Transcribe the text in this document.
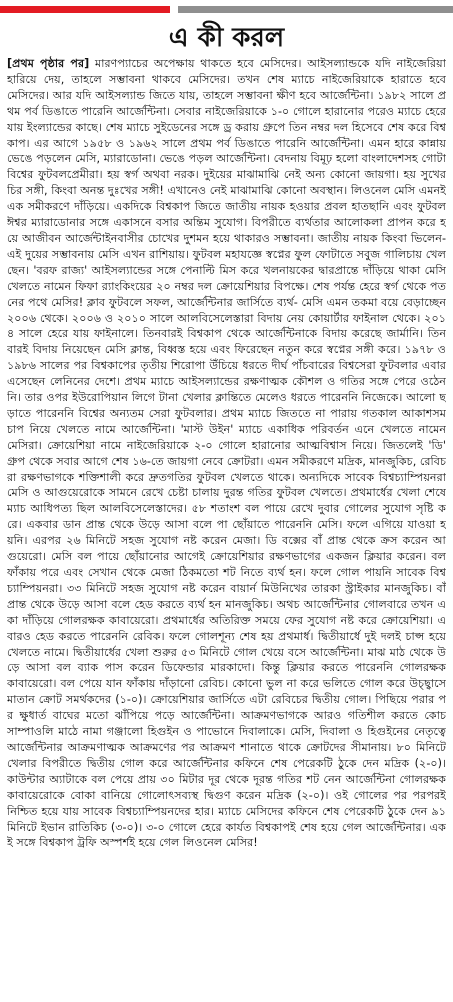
এ কী করল
[প্রথম পৃষ্ঠার পর] মারণপ্যাচের অপেক্ষায় থাকতে হবে মেসিদের। আইসল্যান্ডকে যদি নাইজেরিয়া হারিয়ে দেয়, তাহলে সম্ভাবনা থাকবে মেসিদের। তখন শেষ ম্যাচে নাইজেরিয়াকে হারাতে হবে মেসিদের। আর যদি আইসল্যান্ড জিতে যায়, তাহলে সম্ভাবনা ক্ষীণ হবে আর্জেন্টিনা। ১৯৮২ সালে প্রথম পর্ব ডিঙাতে পারেনি আর্জেন্টিনা। সেবার নাইজেরিয়াকে ১-০ গোলে হারানোর পরেও ম্যাচে হেরে যায় ইংল্যান্ডের কাছে। শেষ ম্যাচে সুইডেনের সঙ্গে ড্র করায় গ্রুপে তিন নম্বর দল হিসেবে শেষ করে বিশ্বকাপ। এর আগে ১৯৫৮ ও ১৯৬২ সালে প্রথম পর্ব ডিঙাতে পারেনি আর্জেন্টিনা। এমন হারে কান্নায় ভেঙে পড়লেন মেসি, ম্যারাডোনা। ভেঙে পড়ল আর্জেন্টিনা। বেদনায় বিমূঢ় হলো বাংলাদেশসহ গোটা বিশ্বের ফুটবলপ্রেমীরা। হয় স্বর্গ অথবা নরক। দুইয়ের মাঝামাঝি নেই অন্য কোনো জায়গা। হয় সুখের চির সঙ্গী, কিংবা অনন্ত দুঃখের সঙ্গী! এখানেও নেই মাঝামাঝি কোনো অবস্থান। লিওনেল মেসি এমনই এক সমীকরণে দাঁড়িয়ে। একদিকে বিশ্বকাপ জিতে জাতীয় নায়ক হওয়ার প্রবল হাতছানি এবং ফুটবল ঈশ্বর ম্যারাডোনার সঙ্গে একাসনে বসার অন্তিম সুযোগ। বিপরীতে ব্যর্থতার আলোকলা প্রাপন করে হয়ে আজীবন আর্জেন্টাইনবাসীর চোখের দুশমন হয়ে থাকারও সম্ভাবনা। জাতীয় নায়ক কিংবা ভিলেন-এই দুয়ের সম্ভাবনায় মেসি এখন রাশিয়ায়। ফুটবল মহাযজ্ঞে স্বপ্নের ফুল ফোটাতে সবুজ গালিচায় খেলছেন। 'বরফ রাজ্য' আইসল্যান্ডের সঙ্গে পেনাল্টি মিস করে খলনায়কের দ্বারপ্রান্তে দাঁড়িয়ে থাকা মেসি খেলতে নামেন ফিফা র‍্যাংকিংয়ের ২০ নম্বর দল ক্রোয়েশিয়ার বিপক্ষে। শেষ পর্যন্ত হেরে স্বর্গ থেকে পতনের পথে মেসির! ক্লাব ফুটবলে সফল, আর্জেন্টিনার জার্সিতে ব্যর্থ- মেসি এমন তকমা বয়ে বেড়াচ্ছেন ২০০৬ থেকে। ২০০৬ ও ২০১০ সালে আলবিসেলেস্তারা বিদায় নেয় কোয়ার্টার ফাইনাল থেকে। ২০১৪ সালে হেরে যায় ফাইনালে। তিনবারই বিশ্বকাপ থেকে আর্জেন্টিনাকে বিদায় করেছে জার্মানি। তিনবারই বিদায় নিয়েছেন মেসি ক্লান্ত, বিধ্বস্ত হয়ে এবং ফিরেছেন নতুন করে স্বপ্নের সঙ্গী করে। ১৯৭৮ ও ১৯৮৬ সালের পর বিশ্বকাপের তৃতীয় শিরোপা উঁচিয়ে ধরতে দীর্ঘ পাঁচবারের বিশ্বসেরা ফুটবলার এবার এসেছেন লেনিনের দেশে। প্রথম ম্যাচে আইসল্যান্ডের রক্ষণাত্মক কৌশল ও গতির সঙ্গে পেরে ওঠেননি। তার ওপর ইউরোপিয়ান লিগে টানা খেলার ক্লান্তিতে মেলেও ধরতে পারেননি নিজেকে। আলো ছড়াতে পারেননি বিশ্বের অন্যতম সেরা ফুটবলার। প্রথম ম্যাচে জিততে না পারায় গতকাল আকাশসম চাপ নিয়ে খেলতে নামে আর্জেন্টিনা। 'মাস্ট উইন' ম্যাচে একাধিক পরিবর্তন এনে খেলতে নামেন মেসিরা। ক্রোয়েশিয়া নামে নাইজেরিয়াকে ২-০ গোলে হারানোর আত্মবিশ্বাস নিয়ে। জিতলেই 'ডি' গ্রুপ থেকে সবার আগে শেষ ১৬-তে জায়গা নেবে ক্রোটরা। এমন সমীকরণে মদ্রিক, মানজুকিচ, রেবিচরা রক্ষণভাগকে শক্তিশালী করে দ্রুতগতির ফুটবল খেলতে থাকে। অন্যদিকে সাবেক বিশ্বচ্যাম্পিয়নরা মেসি ও আগুয়েরোকে সামনে রেখে চেষ্টা চালায় দুরন্ত গতির ফুটবল খেলতে। প্রথমার্ধের খেলা শেষে ম্যাচ আধিপত্য ছিল আলবিসেলেস্তাদের। ৫৮ শতাংশ বল পায়ে রেখে দুবার গোলের সুযোগ সৃষ্টি করে। একবার ডান প্রান্ত থেকে উড়ে আসা বলে পা ছোঁয়াতে পারেননি মেসি। ফলে এগিয়ে যাওয়া হয়নি। এরপর ২৬ মিনিটে সহজ সুযোগ নষ্ট করেন মেজা। ডি বক্সের বাঁ প্রান্ত থেকে ক্রস করেন আগুয়েরো। মেসি বল পায়ে ছোঁয়ানোর আগেই ক্রোয়েশিয়ার রক্ষণভাগের একজন ক্লিয়ার করেন। বল ফাঁকায় পরে এবং সেখান থেকে মেজা ঠিকমতো শট নিতে ব্যর্থ হন। ফলে গোল পায়নি সাবেক বিশ্বচ্যাম্পিয়নরা। ৩৩ মিনিটে সহজ সুযোগ নষ্ট করেন বায়ার্ন মিউনিখের তারকা স্ট্রাইকার মানজুকিচ। বাঁ প্রান্ত থেকে উড়ে আসা বলে হেড করতে ব্যর্থ হন মানজুকিচ। অথচ আর্জেন্টিনার গোলবারে তখন একা দাঁড়িয়ে গোলরক্ষক কাবায়েরো। প্রথমার্ধের অতিরিক্ত সময়ে ফের সুযোগ নষ্ট করে ক্রোয়েশিয়া। এবারও হেড করতে পারেননি রেবিক। ফলে গোলশূন্য শেষ হয় প্রথমার্ধ। দ্বিতীয়ার্ধে দুই দলই চাপ্স হয়ে খেলতে নামে। দ্বিতীয়ার্ধের খেলা শুরুর ৫৩ মিনিটে গোল খেয়ে বসে আর্জেন্টিনা। মাঝ মাঠ থেকে উড়ে আসা বল ব্যাক পাস করেন ডিফেন্ডার মারকাদো। কিন্তু ক্লিয়ার করতে পারেননি গোলরক্ষক কাবায়েরো। বল পেয়ে যান ফাঁকায় দাঁড়ানো রেবিচ। কোনো ভুল না করে ভলিতে গোল করে উচ্ছ্বাসে মাতান ক্রোট সমর্থকদের (১-০)। ক্রোয়েশিয়ার জার্সিতে এটা রেবিচের দ্বিতীয় গোল। পিছিয়ে পরার পর ক্ষুধার্ত বাঘের মতো ঝাঁপিয়ে পড়ে আর্জেন্টিনা। আক্রমণভাগকে আরও গতিশীল করতে কোচ সাম্পাওলি মাঠে নামা গঞ্জালো হিগুইন ও পাভোনে দিবালাকে। মেসি, দিবালা ও হিগুইনের নেতৃত্বে আর্জেন্টিনার আক্রমণাত্মক আক্রমণের পর আক্রমণ শানাতে থাকে ক্রোটদের সীমানায়। ৮০ মিনিটে খেলার বিপরীতে দ্বিতীয় গোল করে আর্জেন্টিনার কফিনে শেষ পেরেকটি ঠুকে দেন মদ্রিক (২-০)। কাউন্টার অ্যাটাকে বল পেয়ে প্রায় ৩০ মিটার দূর থেকে দূরন্ত গতির শট নেন আর্জেন্টিনা গোলরক্ষক কাবায়েরোকে বোকা বানিয়ে গোলোৎসব্যস্থ দ্বিগুণ করেন মদ্রিক (২-০)। ওই গোলের পর পরপরই নিশ্চিত হয়ে যায় সাবেক বিশ্বচ্যাম্পিয়নদের হার। ম্যাচে মেসিদের কফিনে শেষ পেরেকটি ঠুকে দেন ৯১ মিনিটে ইভান রাতিকিচ (৩-০)। ৩-০ গোলে হেরে কার্যত বিশ্বকাপই শেষ হয়ে গেল আর্জেন্টিনার। একই সঙ্গে বিশ্বকাপ ট্রফি অস্পর্শই হয়ে গেল লিওনেল মেসির!
